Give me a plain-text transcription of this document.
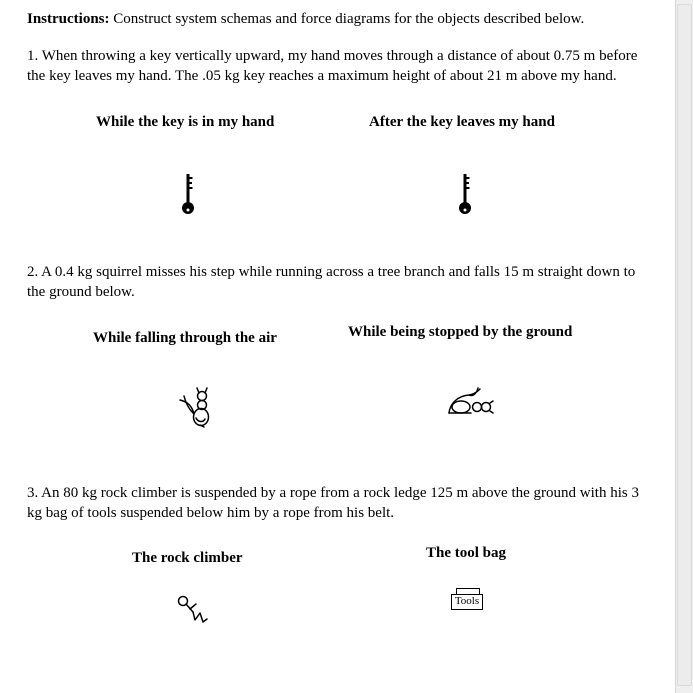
Instructions: Construct system schemas and force diagrams for the objects described below.
1. When throwing a key vertically upward, my hand moves through a distance of about 0.75 m before the key leaves my hand. The .05 kg key reaches a maximum height of about 21 m above my hand.
While the key is in my hand	After the key leaves my hand
2. A 0.4 kg squirrel misses his step while running across a tree branch and falls 15 m straight down to the ground below.
While falling through the air	While being stopped by the ground
3. An 80 kg rock climber is suspended by a rope from a rock ledge 125 m above the ground with his 3 kg bag of tools suspended below him by a rope from his belt.
The rock climber	The tool bag
Tools
